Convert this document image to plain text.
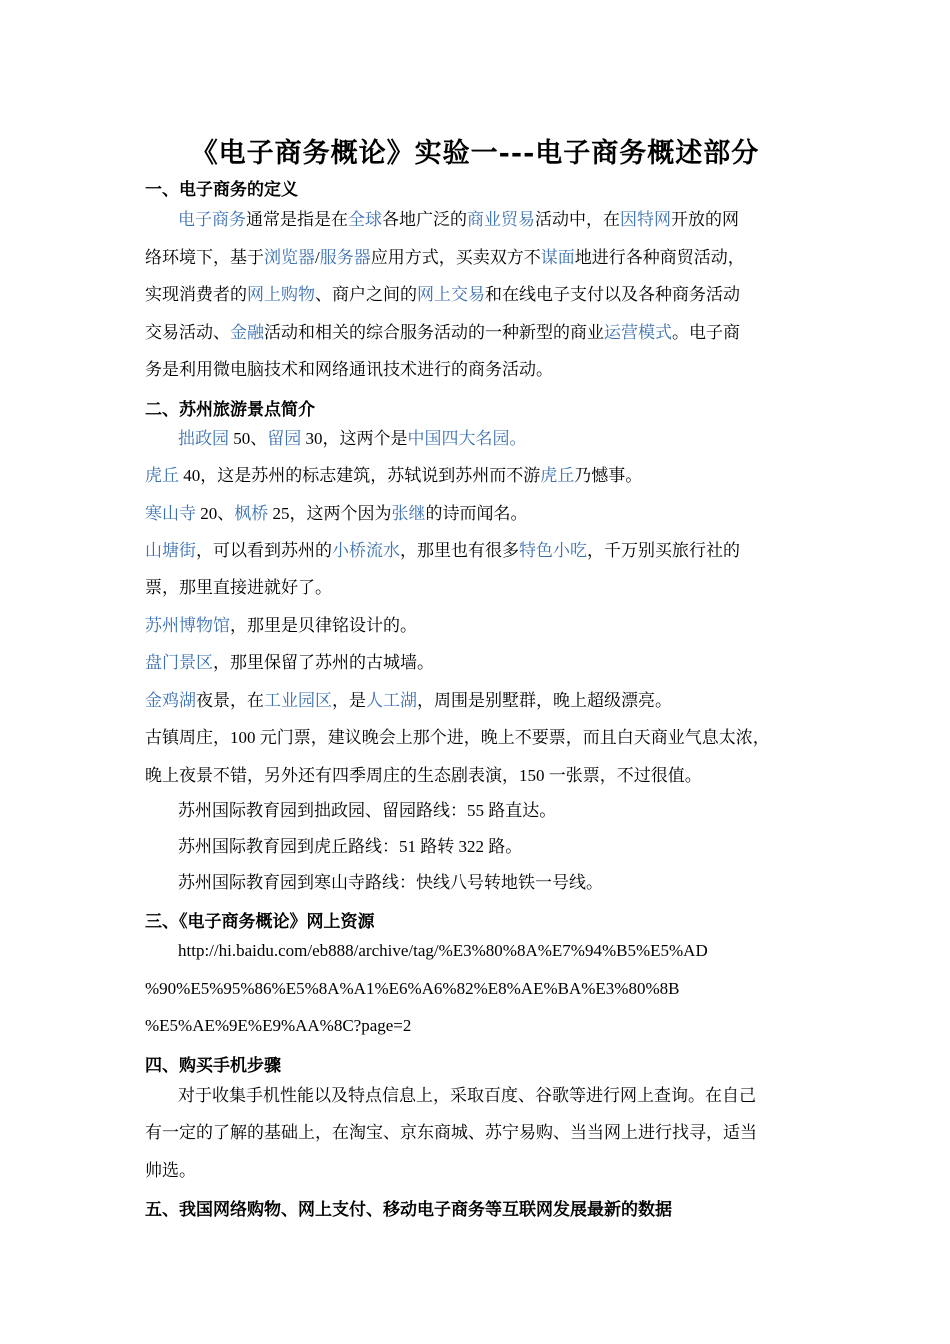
《电子商务概论》实验一---电子商务概述部分
一、电子商务的定义
电子商务通常是指是在全球各地广泛的商业贸易活动中，在因特网开放的网
络环境下，基于浏览器/服务器应用方式，买卖双方不谋面地进行各种商贸活动，
实现消费者的网上购物、商户之间的网上交易和在线电子支付以及各种商务活动
交易活动、金融活动和相关的综合服务活动的一种新型的商业运营模式。电子商
务是利用微电脑技术和网络通讯技术进行的商务活动。
二、苏州旅游景点简介
拙政园 50、留园 30，这两个是中国四大名园。
虎丘 40，这是苏州的标志建筑，苏轼说到苏州而不游虎丘乃憾事。
寒山寺 20、枫桥 25，这两个因为张继的诗而闻名。
山塘街，可以看到苏州的小桥流水，那里也有很多特色小吃，千万别买旅行社的
票，那里直接进就好了。
苏州博物馆，那里是贝律铭设计的。
盘门景区，那里保留了苏州的古城墙。
金鸡湖夜景，在工业园区，是人工湖，周围是别墅群，晚上超级漂亮。
古镇周庄，100 元门票，建议晚会上那个进，晚上不要票，而且白天商业气息太浓，
晚上夜景不错，另外还有四季周庄的生态剧表演，150 一张票，不过很值。
苏州国际教育园到拙政园、留园路线：55 路直达。
苏州国际教育园到虎丘路线：51 路转 322 路。
苏州国际教育园到寒山寺路线：快线八号转地铁一号线。
三、《电子商务概论》网上资源
http://hi.baidu.com/eb888/archive/tag/%E3%80%8A%E7%94%B5%E5%AD
%90%E5%95%86%E5%8A%A1%E6%A6%82%E8%AE%BA%E3%80%8B
%E5%AE%9E%E9%AA%8C?page=2
四、购买手机步骤
对于收集手机性能以及特点信息上，采取百度、谷歌等进行网上查询。在自己
有一定的了解的基础上，在淘宝、京东商城、苏宁易购、当当网上进行找寻，适当
帅选。
五、我国网络购物、网上支付、移动电子商务等互联网发展最新的数据
